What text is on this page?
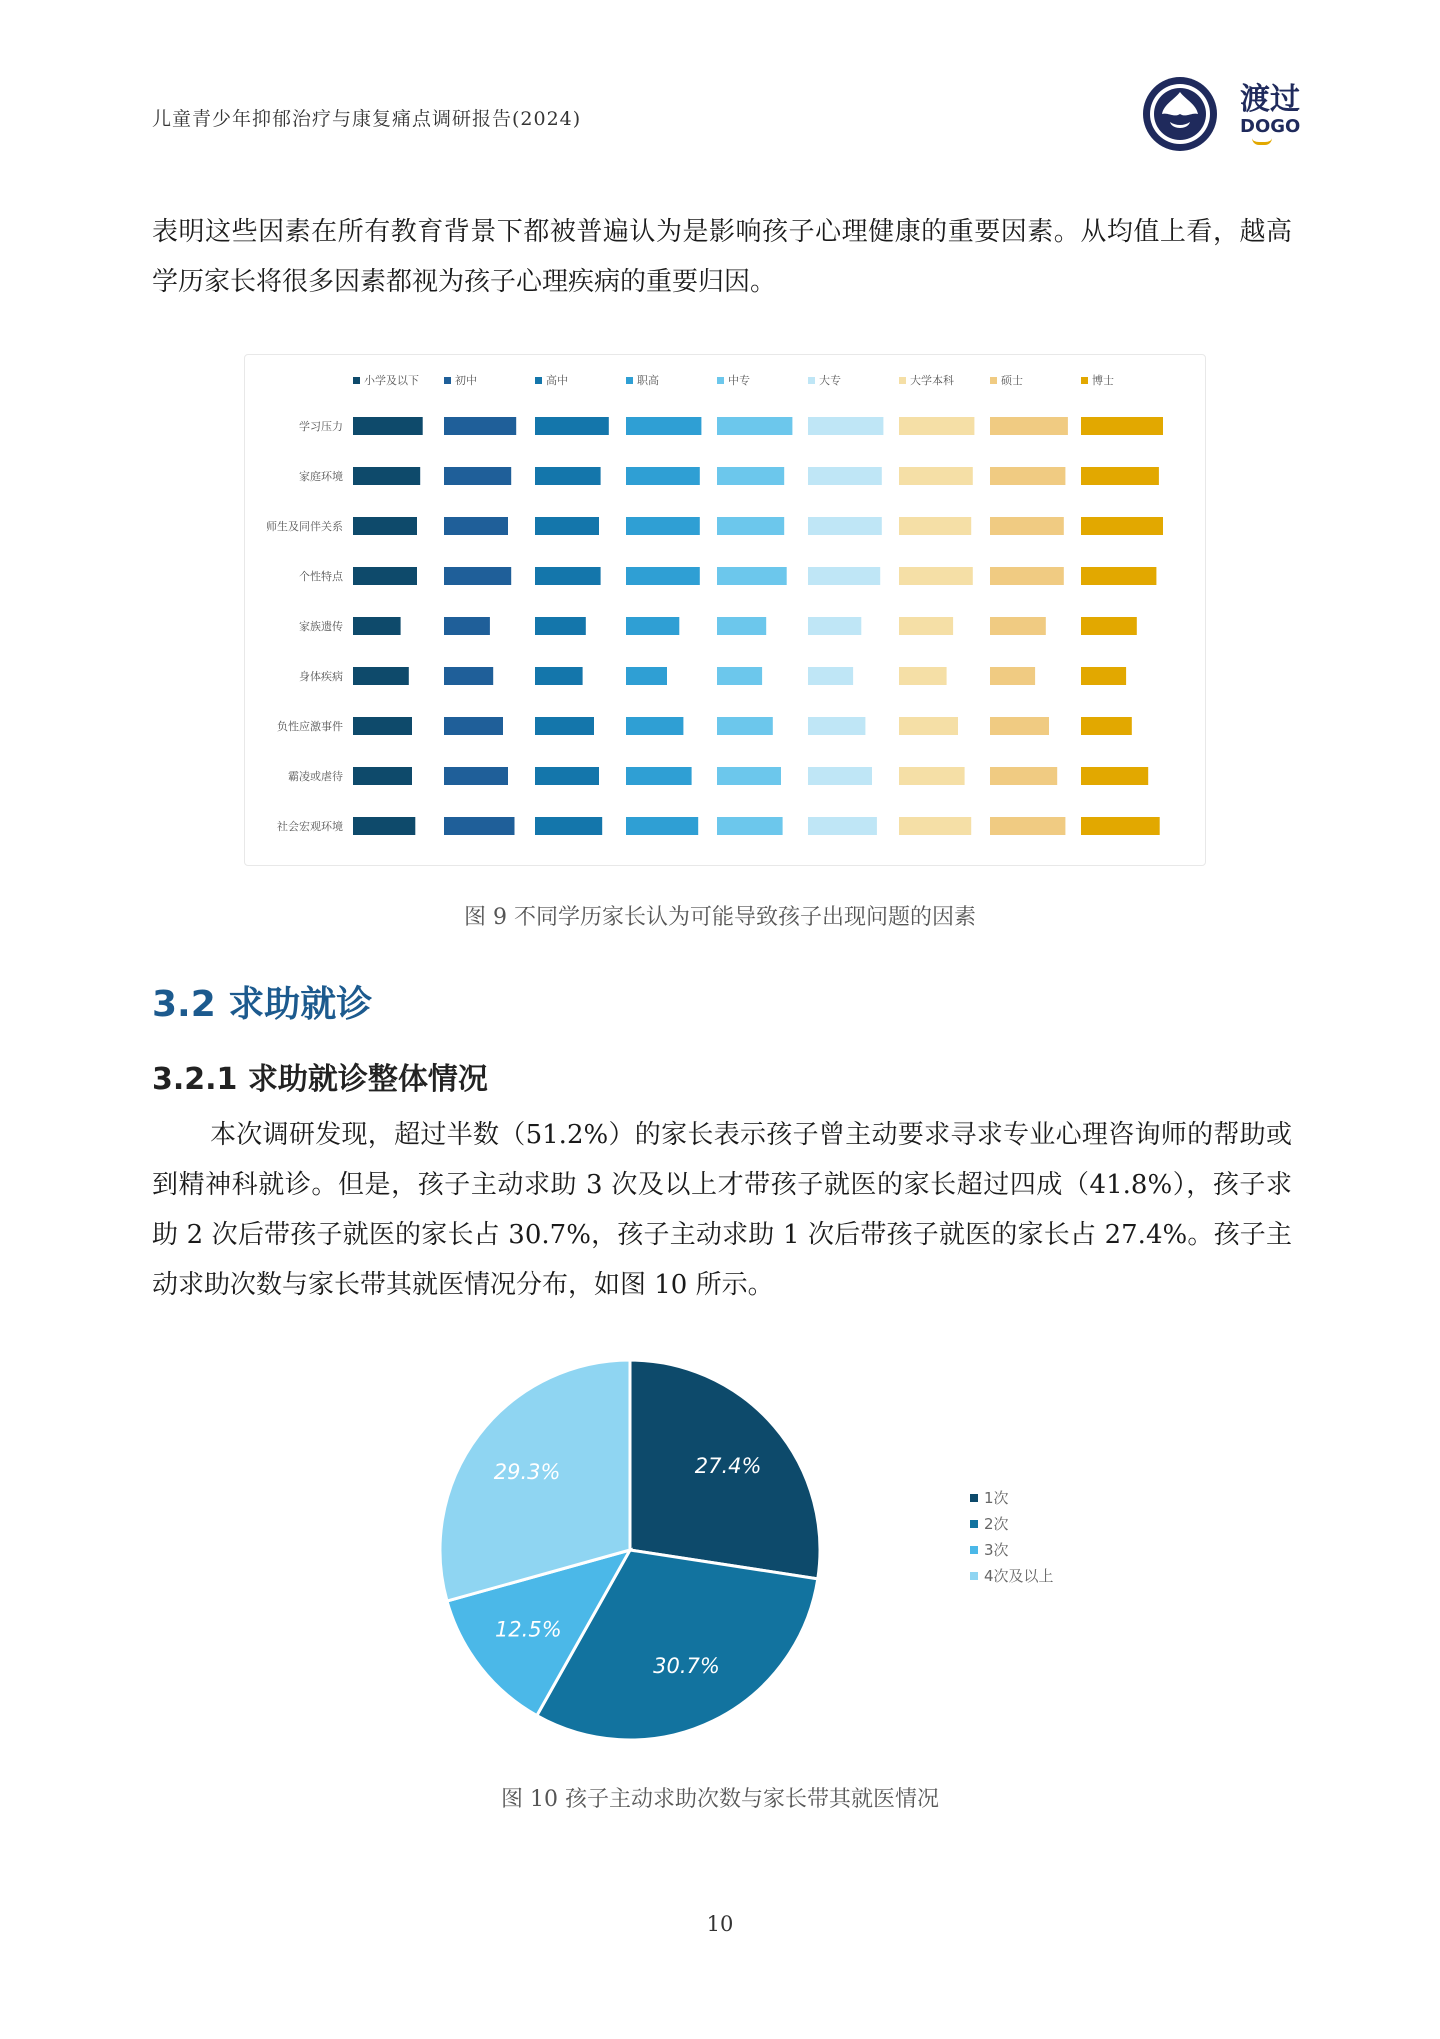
儿童青少年抑郁治疗与康复痛点调研报告(2024)
渡过
DOGO
表明这些因素在所有教育背景下都被普遍认为是影响孩子心理健康的重要因素。从均值上看，越高学历家长将很多因素都视为孩子心理疾病的重要归因。
小学及以下	初中	高中	职高	中专	大专	大学本科	硕士	博士
学习压力
家庭环境
师生及同伴关系
个性特点
家族遗传
身体疾病
负性应激事件
霸凌或虐待
社会宏观环境
图 9 不同学历家长认为可能导致孩子出现问题的因素
3.2 求助就诊
3.2.1 求助就诊整体情况
本次调研发现，超过半数（51.2%）的家长表示孩子曾主动要求寻求专业心理咨询师的帮助或到精神科就诊。但是，孩子主动求助 3 次及以上才带孩子就医的家长超过四成（41.8%），孩子求助 2 次后带孩子就医的家长占 30.7%，孩子主动求助 1 次后带孩子就医的家长占 27.4%。孩子主动求助次数与家长带其就医情况分布，如图 10 所示。
27.4%
30.7%
12.5%
29.3%
1次
2次
3次
4次及以上
图 10 孩子主动求助次数与家长带其就医情况
10
